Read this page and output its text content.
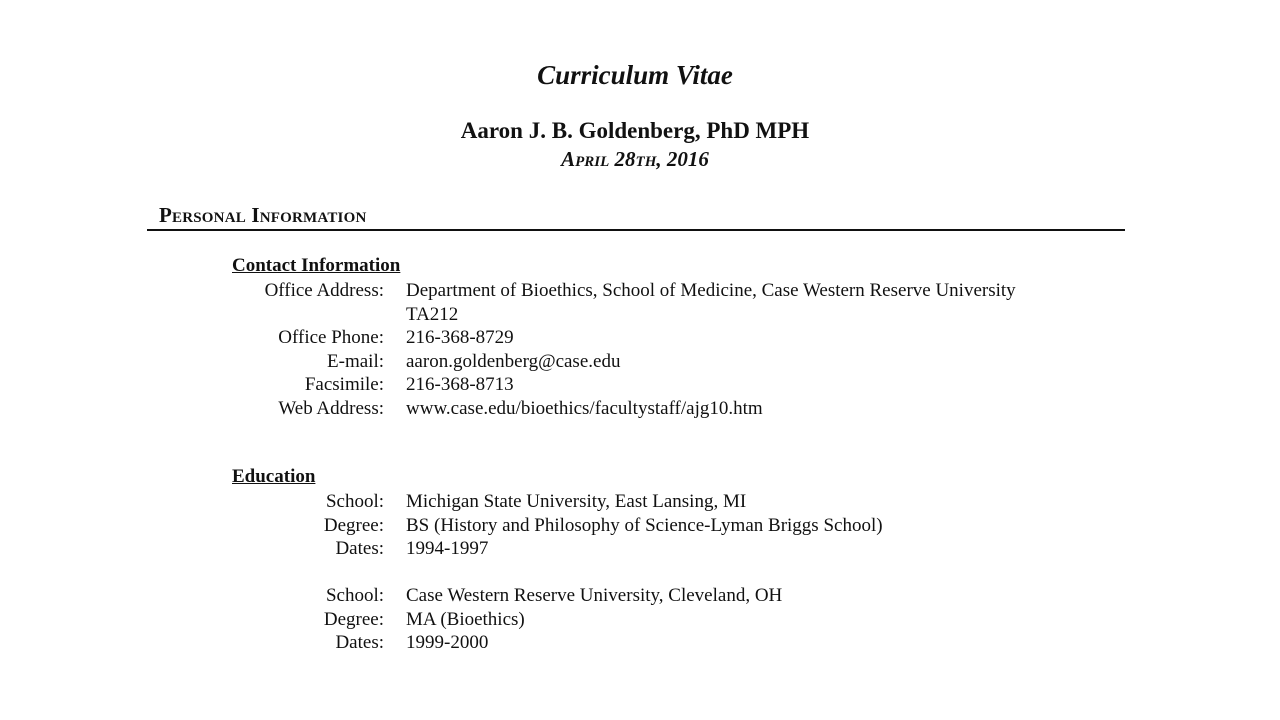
Curriculum Vitae
Aaron J. B. Goldenberg, PhD MPH
April 28th, 2016
Personal Information
Contact Information
Office Address:	Department of Bioethics, School of Medicine, Case Western Reserve University
TA212
Office Phone:	216-368-8729
E-mail:	aaron.goldenberg@case.edu
Facsimile:	216-368-8713
Web Address:	www.case.edu/bioethics/facultystaff/ajg10.htm
Education
School:	Michigan State University, East Lansing, MI
Degree:	BS (History and Philosophy of Science-Lyman Briggs School)
Dates:	1994-1997
School:	Case Western Reserve University, Cleveland, OH
Degree:	MA (Bioethics)
Dates:	1999-2000
